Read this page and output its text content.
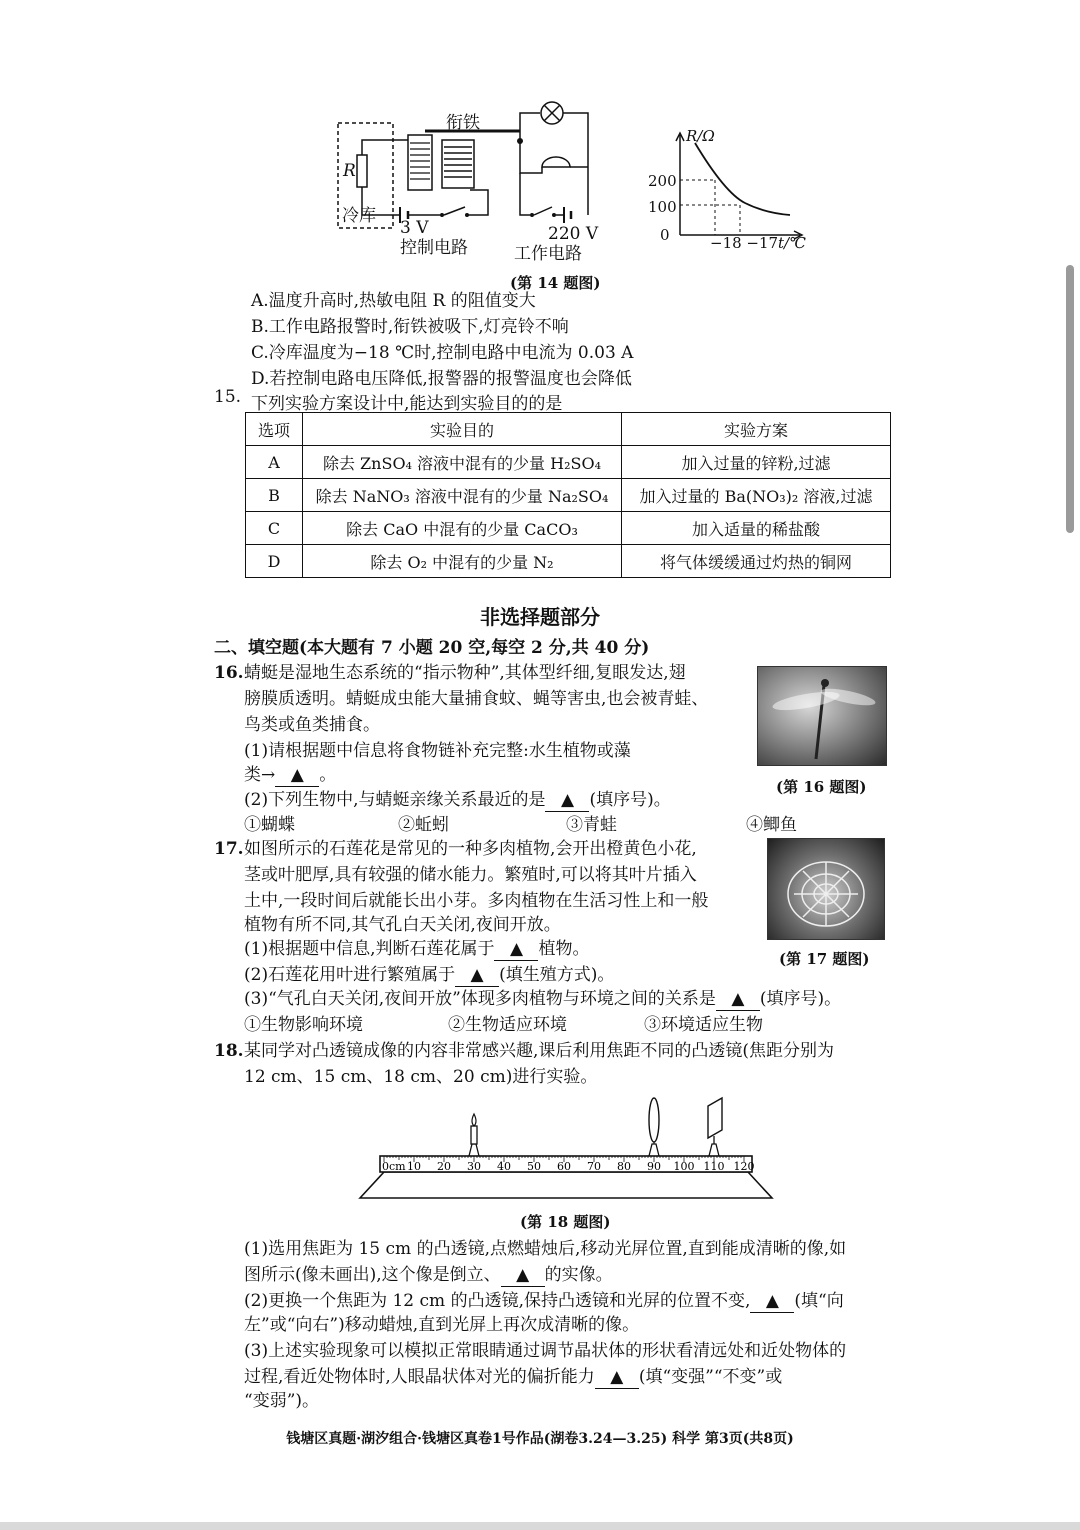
衔铁
R
冷库
3 V
控制电路
220 V
工作电路
(第 14 题图)
R/Ω
200
100
0	−18 −17 t/℃
A.温度升高时,热敏电阻 R 的阻值变大
B.工作电路报警时,衔铁被吸下,灯亮铃不响
C.冷库温度为−18 ℃时,控制电路中电流为 0.03 A
D.若控制电路电压降低,报警器的报警温度也会降低
15. 下列实验方案设计中,能达到实验目的的是
选项	实验目的	实验方案
A	除去 ZnSO₄ 溶液中混有的少量 H₂SO₄	加入过量的锌粉,过滤
B	除去 NaNO₃ 溶液中混有的少量 Na₂SO₄	加入过量的 Ba(NO₃)₂ 溶液,过滤
C	除去 CaO 中混有的少量 CaCO₃	加入适量的稀盐酸
D	除去 O₂ 中混有的少量 N₂	将气体缓缓通过灼热的铜网
非选择题部分
二、填空题(本大题有 7 小题 20 空,每空 2 分,共 40 分)
16. 蜻蜓是湿地生态系统的“指示物种”,其体型纤细,复眼发达,翅
膀膜质透明。蜻蜓成虫能大量捕食蚊、蝇等害虫,也会被青蛙、
鸟类或鱼类捕食。
(1)请根据题中信息将食物链补充完整:水生植物或藻
类→ ▲ 。
(2)下列生物中,与蜻蜓亲缘关系最近的是 ▲ (填序号)。
①蝴蝶	②蚯蚓	③青蛙	④鲫鱼
(第 16 题图)
17. 如图所示的石莲花是常见的一种多肉植物,会开出橙黄色小花,
茎或叶肥厚,具有较强的储水能力。繁殖时,可以将其叶片插入
土中,一段时间后就能长出小芽。多肉植物在生活习性上和一般
植物有所不同,其气孔白天关闭,夜间开放。
(1)根据题中信息,判断石莲花属于 ▲ 植物。
(2)石莲花用叶进行繁殖属于 ▲ (填生殖方式)。
(3)“气孔白天关闭,夜间开放”体现多肉植物与环境之间的关系是 ▲ (填序号)。
①生物影响环境	②生物适应环境	③环境适应生物
(第 17 题图)
18. 某同学对凸透镜成像的内容非常感兴趣,课后利用焦距不同的凸透镜(焦距分别为
12 cm、15 cm、18 cm、20 cm)进行实验。
0cm 10 20 30 40 50 60 70 80 90 100 110 120
(第 18 题图)
(1)选用焦距为 15 cm 的凸透镜,点燃蜡烛后,移动光屏位置,直到能成清晰的像,如
图所示(像未画出),这个像是倒立、 ▲ 的实像。
(2)更换一个焦距为 12 cm 的凸透镜,保持凸透镜和光屏的位置不变, ▲ (填“向
左”或“向右”)移动蜡烛,直到光屏上再次成清晰的像。
(3)上述实验现象可以模拟正常眼睛通过调节晶状体的形状看清远处和近处物体的
过程,看近处物体时,人眼晶状体对光的偏折能力 ▲ (填“变强”“不变”或
“变弱”)。
钱塘区真题·湖汐组合·钱塘区真卷1号作品(湖卷3.24—3.25) 科学 第3页(共8页)
